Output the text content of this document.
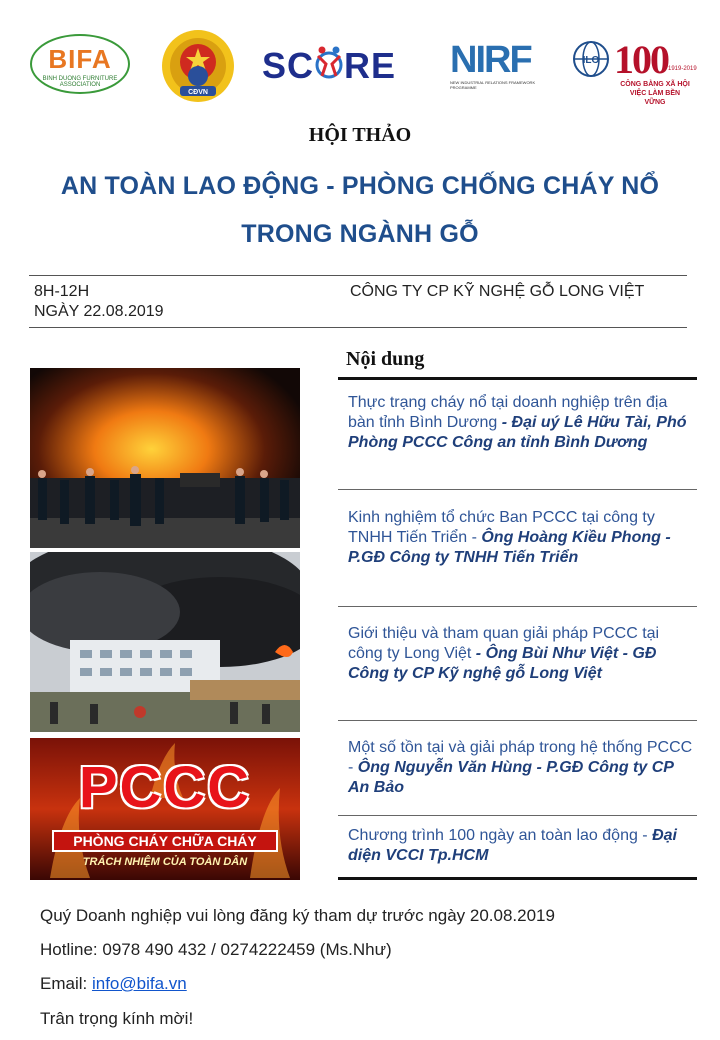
BIFA
BINH DUONG FURNITURE ASSOCIATION
CĐVN
SC RE NIRF
NEW INDUSTRIAL RELATIONS FRAMEWORK PROGRAMME
ILO 100 1919-2019
CÔNG BẰNG XÃ HỘI VIỆC LÀM BỀN VỮNG
HỘI THẢO
AN TOÀN LAO ĐỘNG - PHÒNG CHỐNG CHÁY NỔ
TRONG NGÀNH GỖ
8H-12H
NGÀY 22.08.2019
CÔNG TY CP KỸ NGHỆ GỖ LONG VIỆT
PCCC
PHÒNG CHÁY CHỮA CHÁY
TRÁCH NHIỆM CỦA TOÀN DÂN
Nội dung
Thực trạng cháy nổ tại doanh nghiệp trên địa bàn tỉnh Bình Dương - Đại uý Lê Hữu Tài, Phó Phòng PCCC Công an tỉnh Bình Dương
Kinh nghiệm tổ chức Ban PCCC tại công ty TNHH Tiến Triển - Ông Hoàng Kiều Phong - P.GĐ Công ty TNHH Tiến Triển
Giới thiệu và tham quan giải pháp PCCC tại công ty Long Việt - Ông Bùi Như Việt - GĐ Công ty CP Kỹ nghệ gỗ Long Việt
Một số tồn tại và giải pháp trong hệ thống PCCC - Ông Nguyễn Văn Hùng - P.GĐ Công ty CP An Bảo
Chương trình 100 ngày an toàn lao động - Đại diện VCCI Tp.HCM
Quý Doanh nghiệp vui lòng đăng ký tham dự trước ngày 20.08.2019
Hotline: 0978 490 432 / 0274222459 (Ms.Như)
Email: info@bifa.vn
Trân trọng kính mời!
